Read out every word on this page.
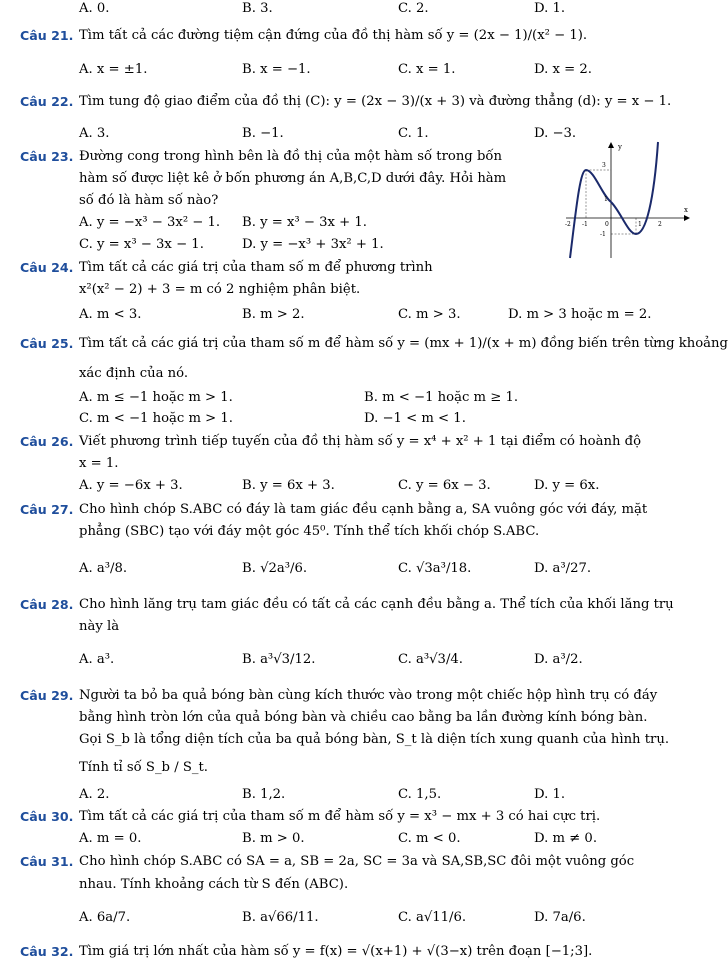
A. 0.	B. 3.	C. 2.	D. 1.
Câu 21. Tìm tất cả các đường tiệm cận đứng của đồ thị hàm số y = (2x − 1)/(x² − 1).
A. x = ±1.	B. x = −1.	C. x = 1.	D. x = 2.
Câu 22. Tìm tung độ giao điểm của đồ thị (C): y = (2x − 3)/(x + 3) và đường thẳng (d): y = x − 1.
A. 3.	B. −1.	C. 1.	D. −3.
Câu 23. Đường cong trong hình bên là đồ thị của một hàm số trong bốn
hàm số được liệt kê ở bốn phương án A,B,C,D dưới đây. Hỏi hàm
số đó là hàm số nào?
A. y = −x³ − 3x² − 1. B. y = x³ − 3x + 1.
C. y = x³ − 3x − 1.	D. y = −x³ + 3x² + 1.
y
x
3
1
-1
-2 -1	0	1	2
Câu 24. Tìm tất cả các giá trị của tham số m để phương trình
x²(x² − 2) + 3 = m có 2 nghiệm phân biệt.
A. m < 3.	B. m > 2.	C. m > 3.	D. m > 3 hoặc m = 2.
Câu 25. Tìm tất cả các giá trị của tham số m để hàm số y = (mx + 1)/(x + m) đồng biến trên từng khoảng
xác định của nó.
A. m ≤ −1 hoặc m > 1.	B. m < −1 hoặc m ≥ 1.
C. m < −1 hoặc m > 1.	D. −1 < m < 1.
Câu 26. Viết phương trình tiếp tuyến của đồ thị hàm số y = x⁴ + x² + 1 tại điểm có hoành độ
x = 1.
A. y = −6x + 3.	B. y = 6x + 3.	C. y = 6x − 3.	D. y = 6x.
Câu 27. Cho hình chóp S.ABC có đáy là tam giác đều cạnh bằng a, SA vuông góc với đáy, mặt
phẳng (SBC) tạo với đáy một góc 45⁰. Tính thể tích khối chóp S.ABC.
A. a³/8.	B. √2a³/6.	C. √3a³/18.	D. a³/27.
Câu 28. Cho hình lăng trụ tam giác đều có tất cả các cạnh đều bằng a. Thể tích của khối lăng trụ
này là
A. a³.	B. a³√3/12.	C. a³√3/4.	D. a³/2.
Câu 29. Người ta bỏ ba quả bóng bàn cùng kích thước vào trong một chiếc hộp hình trụ có đáy
bằng hình tròn lớn của quả bóng bàn và chiều cao bằng ba lần đường kính bóng bàn.
Gọi S_b là tổng diện tích của ba quả bóng bàn, S_t là diện tích xung quanh của hình trụ.
Tính tỉ số S_b / S_t.
A. 2.	B. 1,2.	C. 1,5.	D. 1.
Câu 30. Tìm tất cả các giá trị của tham số m để hàm số y = x³ − mx + 3 có hai cực trị.
A. m = 0.	B. m > 0.	C. m < 0.	D. m ≠ 0.
Câu 31. Cho hình chóp S.ABC có SA = a, SB = 2a, SC = 3a và SA,SB,SC đôi một vuông góc
nhau. Tính khoảng cách từ S đến (ABC).
A. 6a/7.	B. a√66/11.	C. a√11/6.	D. 7a/6.
Câu 32. Tìm giá trị lớn nhất của hàm số y = f(x) = √(x+1) + √(3−x) trên đoạn [−1;3].
